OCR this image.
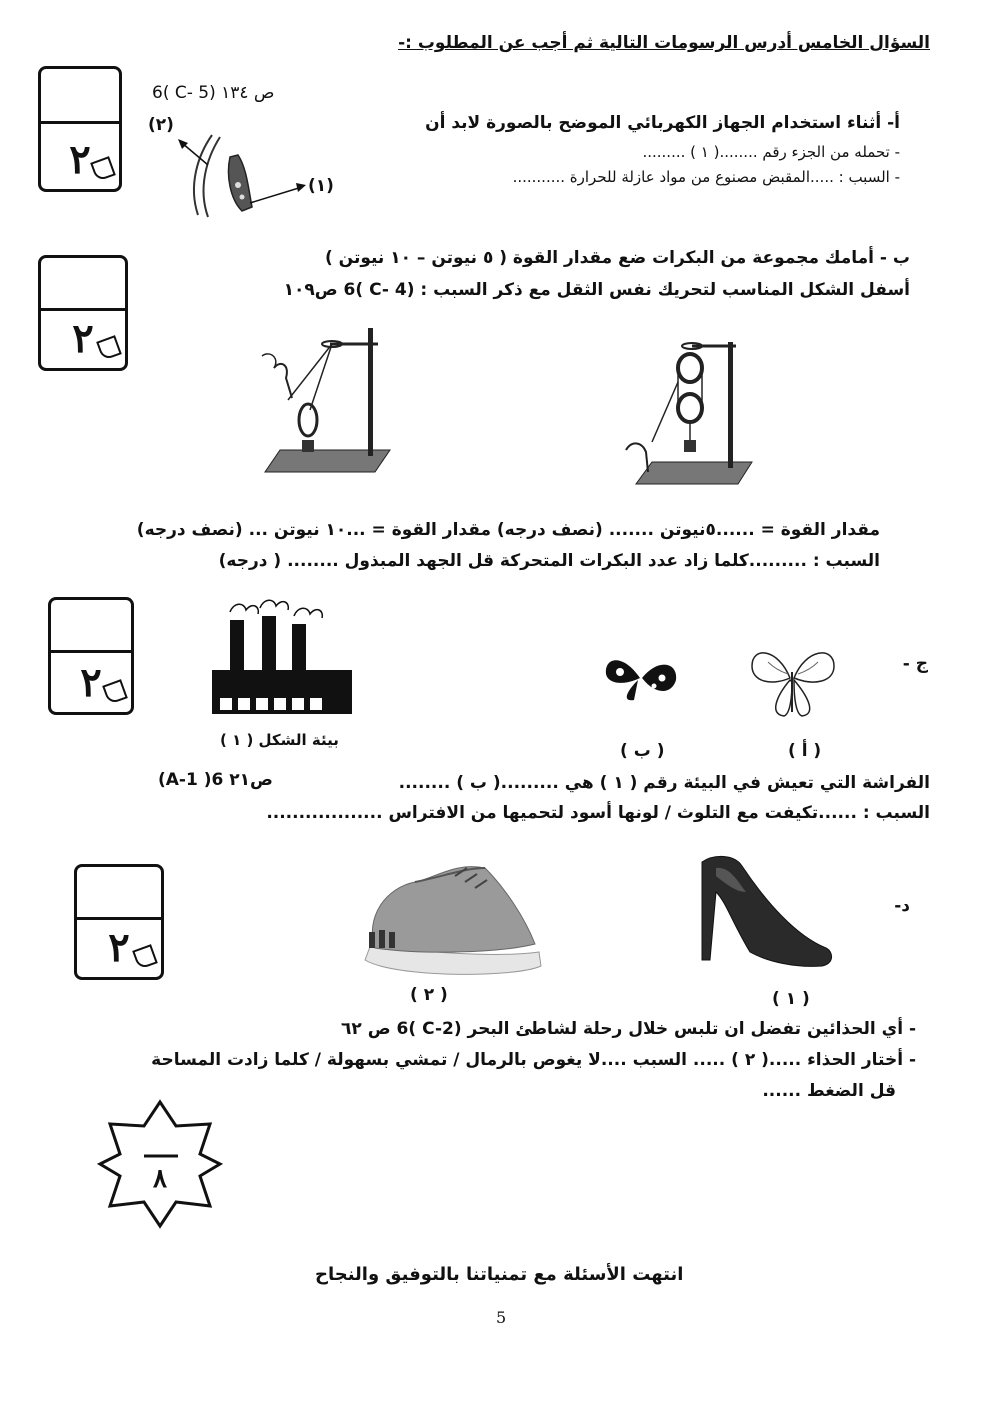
السؤال الخامس أدرس الرسومات التالية ثم أجب عن المطلوب :-
٢
٢
٢
٢
6( C- 5) ص ١٣٤
(٢)
(١)
أ- أثناء استخدام الجهاز الكهربائي الموضح بالصورة لابد أن
- تحمله من الجزء رقم ........( ١ ) .........
- السبب : .....المقبض مصنوع من مواد عازلة للحرارة ...........
ب - أمامك مجموعة من البكرات ضع مقدار القوة ( ٥ نيوتن – ١٠ نيوتن )
أسفل الشكل المناسب لتحريك نفس الثقل مع ذكر السبب : (C- 4 )6 ص١٠٩
مقدار القوة = ......٥نيوتن ....... (نصف درجه) مقدار القوة = ...١٠ نيوتن ... (نصف درجه)
السبب : .........كلما زاد عدد البكرات المتحركة قل الجهد المبذول ........ ( درجه)
بيئة الشكل ( ١ )
ج -
( ب )	( أ )
الفراشة التي تعيش في البيئة رقم ( ١ ) هي .........( ب ) ........
(A-1 )6 ص٢١
السبب : ......تكيفت مع التلوث / لونها أسود لتحميها من الافتراس ..................
د-
( ٢ )	( ١ )
- أي الحذائين تفضل ان تلبس خلال رحلة لشاطئ البحر (C-2 )6 ص ٦٢
- أختار الحذاء .....( ٢ ) ..... السبب ....لا يغوص بالرمال / تمشي بسهولة / كلما زادت المساحة
قل الضغط ......
٨
انتهت الأسئلة مع تمنياتنا بالتوفيق والنجاح
5
